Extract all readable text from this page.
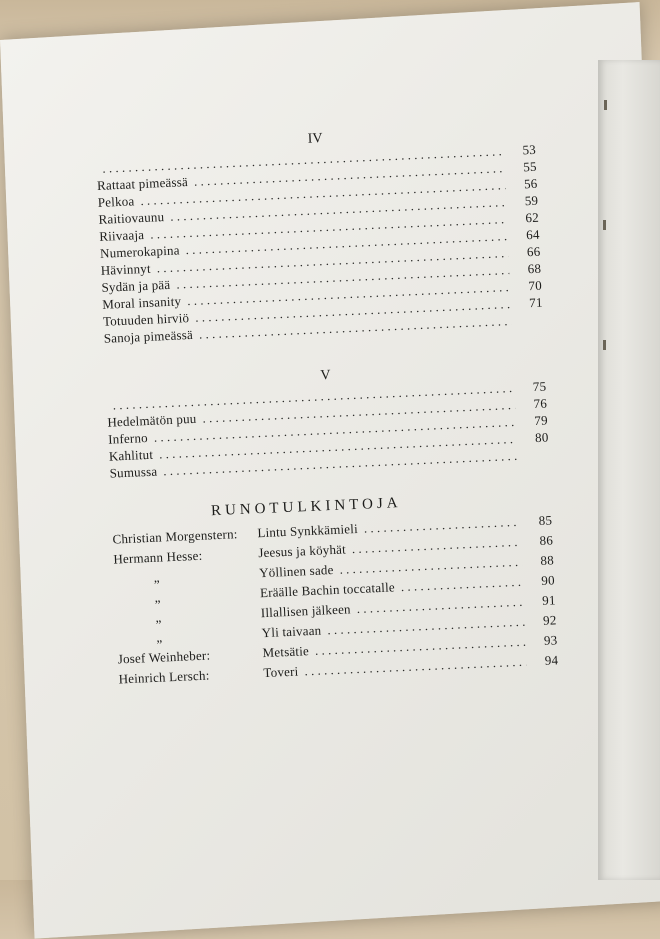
IV
. . .
53
Rattaat pimeässä
. . .
55
Pelkoa
. . .
56
Raitiovaunu
. . .
59
Riivaaja
. . .
62
Numerokapina
. . .
64
Hävinnyt
. . .
66
Sydän ja pää
. . .
68
Moral insanity
. . .
70
Totuuden hirviö
. . .
71
Sanoja pimeässä
. . .
V
. . .
75
Hedelmätön puu
. . .
76
Inferno
. . .
79
Kahlitut
. . .
80
Sumussa
. . .
RUNOTULKINTOJA
Christian Morgenstern:	Lintu Synkkämieli
. . .
85
Hermann Hesse:	Jeesus ja köyhät
. . .
86
„	Yöllinen sade
. . .
88
„	Eräälle Bachin toccatalle
. . .	90
„	Illallisen jälkeen
. . .
91
„	Yli taivaan
. . .
92
Josef Weinheber:	Metsätie
. . .
93
Heinrich Lersch:	Toveri
. . .
94
